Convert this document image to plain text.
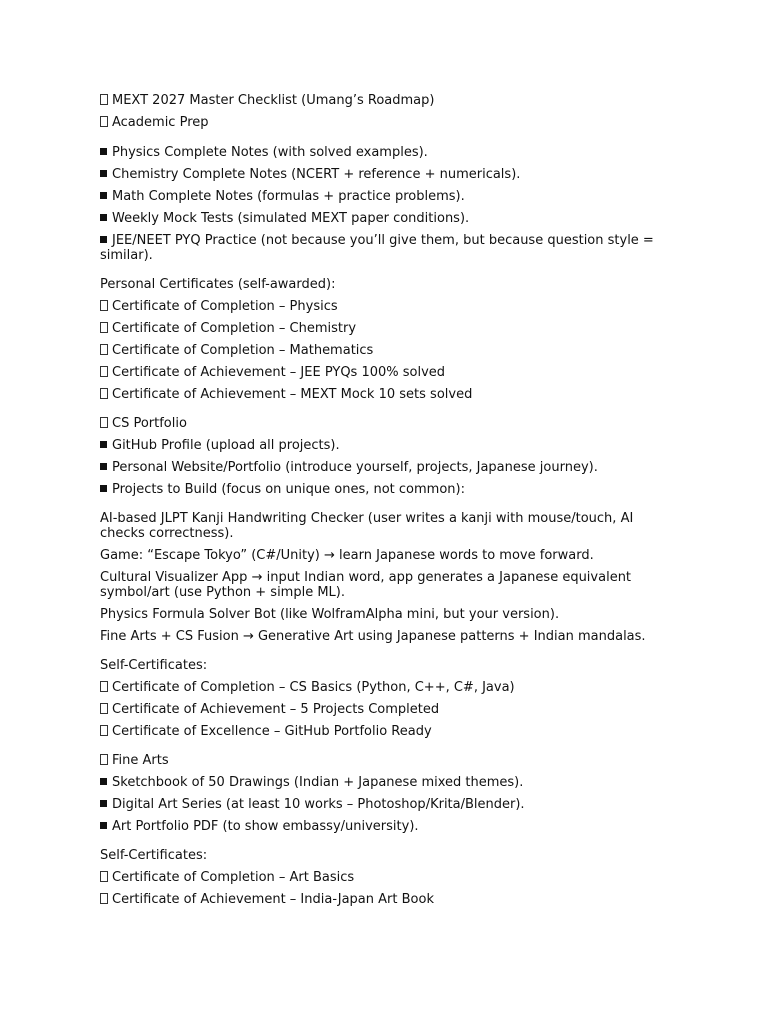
MEXT 2027 Master Checklist (Umang’s Roadmap)

Academic Prep

Physics Complete Notes (with solved examples).

Chemistry Complete Notes (NCERT + reference + numericals).

Math Complete Notes (formulas + practice problems).

Weekly Mock Tests (simulated MEXT paper conditions).

JEE/NEET PYQ Practice (not because you’ll give them, but because question style = similar).

Personal Certificates (self-awarded):

Certificate of Completion – Physics

Certificate of Completion – Chemistry

Certificate of Completion – Mathematics

Certificate of Achievement – JEE PYQs 100% solved

Certificate of Achievement – MEXT Mock 10 sets solved

CS Portfolio

GitHub Profile (upload all projects).

Personal Website/Portfolio (introduce yourself, projects, Japanese journey).

Projects to Build (focus on unique ones, not common):

AI-based JLPT Kanji Handwriting Checker (user writes a kanji with mouse/touch, AI checks correctness).

Game: “Escape Tokyo” (C#/Unity) → learn Japanese words to move forward.

Cultural Visualizer App → input Indian word, app generates a Japanese equivalent symbol/art (use Python + simple ML).

Physics Formula Solver Bot (like WolframAlpha mini, but your version).

Fine Arts + CS Fusion → Generative Art using Japanese patterns + Indian mandalas.

Self-Certificates:

Certificate of Completion – CS Basics (Python, C++, C#, Java)

Certificate of Achievement – 5 Projects Completed

Certificate of Excellence – GitHub Portfolio Ready

Fine Arts

Sketchbook of 50 Drawings (Indian + Japanese mixed themes).

Digital Art Series (at least 10 works – Photoshop/Krita/Blender).

Art Portfolio PDF (to show embassy/university).

Self-Certificates:

Certificate of Completion – Art Basics

Certificate of Achievement – India-Japan Art Book
